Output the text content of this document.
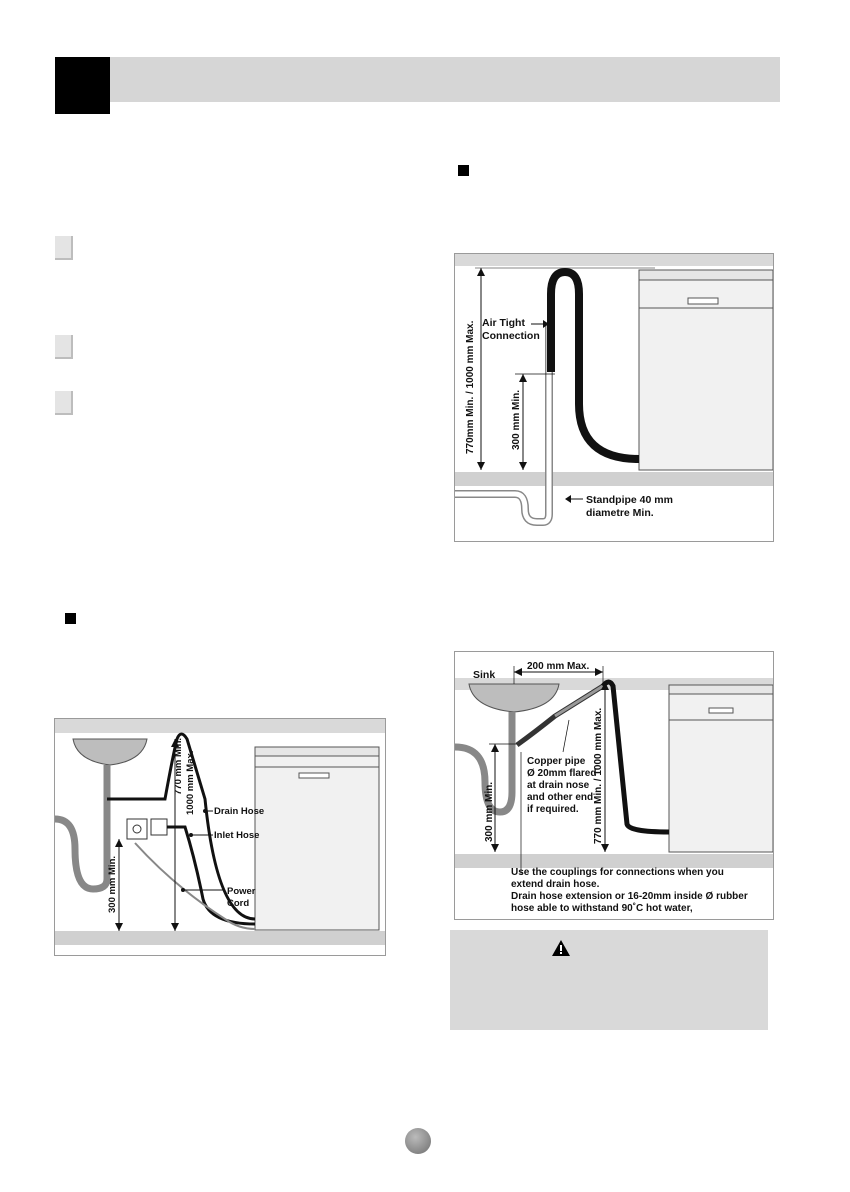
770mm Min. / 1000 mm Max.	300 mm Min.
Air Tight
Connection
Standpipe 40 mm
diametre Min.
200 mm Max.
Sink
300 mm Min.	770 mm Min. / 1000 mm Max.
Copper pipe
Ø 20mm flared
at drain nose
and other end
if required.
Use the couplings for connections when you
extend drain hose.
Drain hose extension or 16-20mm inside Ø rubber
hose able to withstand 90˚C hot water,
300 mm Min.
770 mm Min. 1000 mm Max. Drain Hose
Inlet Hose
Power
Cord
